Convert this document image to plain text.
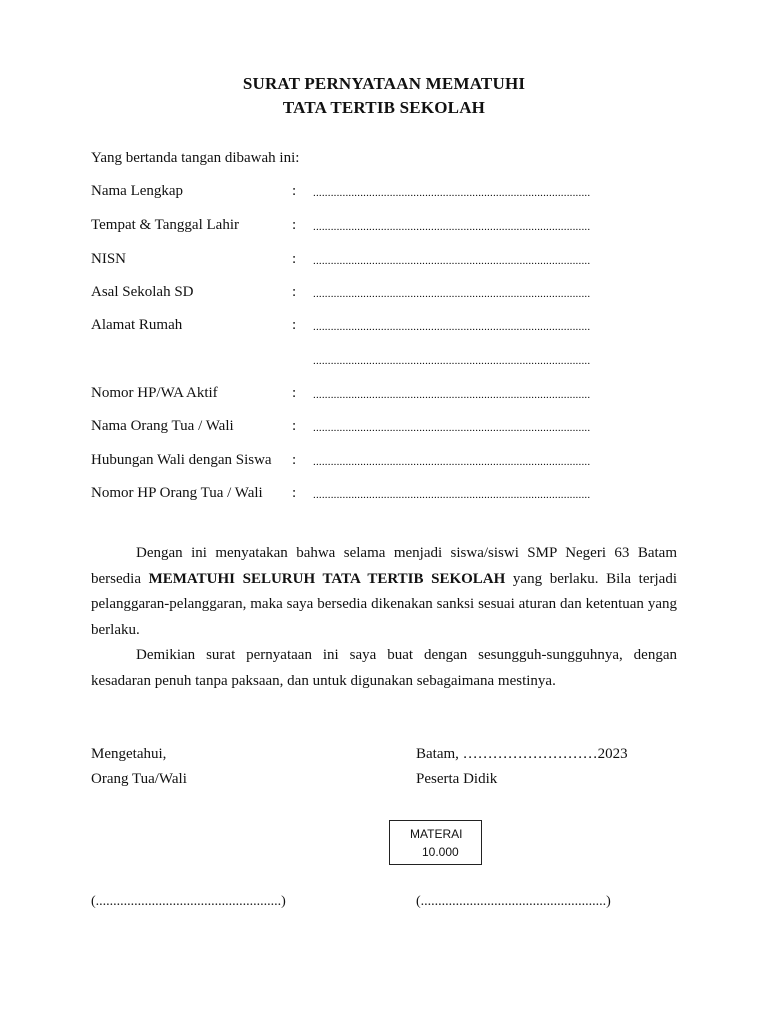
SURAT PERNYATAAN MEMATUHI
TATA TERTIB SEKOLAH
Yang bertanda tangan dibawah ini:
Nama Lengkap	: ..............................................................................................
Tempat & Tanggal Lahir	: ..............................................................................................
NISN	: ..............................................................................................
Asal Sekolah SD	: ..............................................................................................
Alamat Rumah	: ..............................................................................................
..............................................................................................
Nomor HP/WA Aktif	: ..............................................................................................
Nama Orang Tua / Wali	: ..............................................................................................
Hubungan Wali dengan Siswa : ..............................................................................................
Nomor HP Orang Tua / Wali : ..............................................................................................
Dengan ini menyatakan bahwa selama menjadi siswa/siswi SMP Negeri 63 Batam bersedia MEMATUHI SELURUH TATA TERTIB SEKOLAH yang berlaku. Bila terjadi pelanggaran-pelanggaran, maka saya bersedia dikenakan sanksi sesuai aturan dan ketentuan yang berlaku.
Demikian surat pernyataan ini saya buat dengan sesungguh-sungguhnya, dengan kesadaran penuh tanpa paksaan, dan untuk digunakan sebagaimana mestinya.
Mengetahui,
Orang Tua/Wali
Batam, ………………………2023
Peserta Didik
MATERAI
10.000
(.....................................................)	(.....................................................)
